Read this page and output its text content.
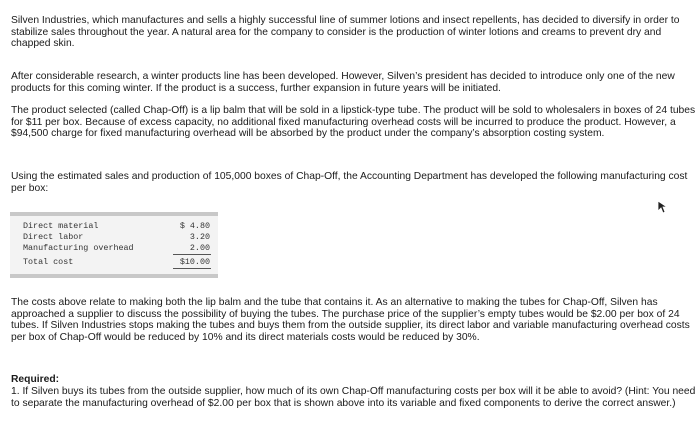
Silven Industries, which manufactures and sells a highly successful line of summer lotions and insect repellents, has decided to diversify in order to stabilize sales throughout the year. A natural area for the company to consider is the production of winter lotions and creams to prevent dry and chapped skin.

After considerable research, a winter products line has been developed. However, Silven’s president has decided to introduce only one of the new products for this coming winter. If the product is a success, further expansion in future years will be initiated.

The product selected (called Chap-Off) is a lip balm that will be sold in a lipstick-type tube. The product will be sold to wholesalers in boxes of 24 tubes for $11 per box. Because of excess capacity, no additional fixed manufacturing overhead costs will be incurred to produce the product. However, a $94,500 charge for fixed manufacturing overhead will be absorbed by the product under the company’s absorption costing system.

Using the estimated sales and production of 105,000 boxes of Chap-Off, the Accounting Department has developed the following manufacturing cost per box:

Direct material	$ 4.80
Direct labor	3.20
Manufacturing overhead	2.00
Total cost	$10.00

The costs above relate to making both the lip balm and the tube that contains it. As an alternative to making the tubes for Chap-Off, Silven has approached a supplier to discuss the possibility of buying the tubes. The purchase price of the supplier’s empty tubes would be $2.00 per box of 24 tubes. If Silven Industries stops making the tubes and buys them from the outside supplier, its direct labor and variable manufacturing overhead costs per box of Chap-Off would be reduced by 10% and its direct materials costs would be reduced by 30%.

Required:

1. If Silven buys its tubes from the outside supplier, how much of its own Chap-Off manufacturing costs per box will it be able to avoid? (Hint: You need to separate the manufacturing overhead of $2.00 per box that is shown above into its variable and fixed components to derive the correct answer.)
